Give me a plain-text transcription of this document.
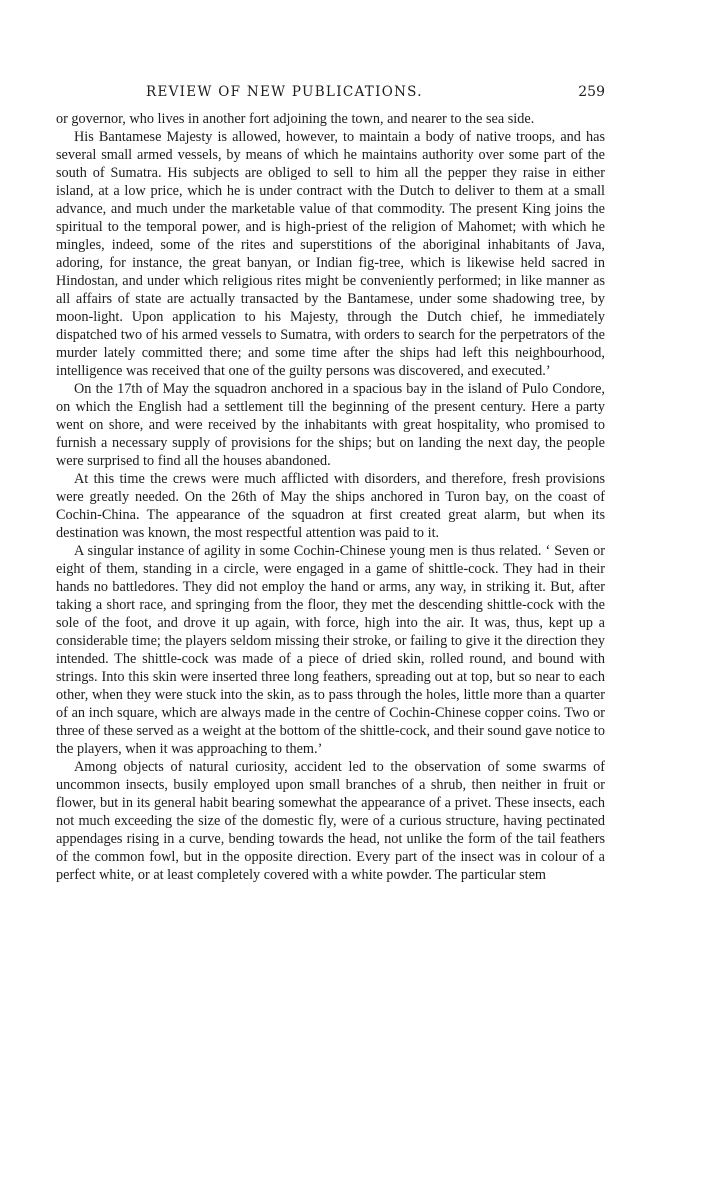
REVIEW OF NEW PUBLICATIONS.	259

or governor, who lives in another fort adjoining the town, and nearer to the sea side.

His Bantamese Majesty is allowed, however, to maintain a body of native troops, and has several small armed vessels, by means of which he maintains authority over some part of the south of Sumatra. His subjects are obliged to sell to him all the pepper they raise in either island, at a low price, which he is under contract with the Dutch to deliver to them at a small advance, and much under the marketable value of that commodity. The present King joins the spiritual to the temporal power, and is high-priest of the religion of Mahomet; with which he mingles, indeed, some of the rites and superstitions of the aboriginal inhabitants of Java, adoring, for instance, the great banyan, or Indian fig-tree, which is likewise held sacred in Hindostan, and under which religious rites might be conveniently performed; in like manner as all affairs of state are actually transacted by the Bantamese, under some shadowing tree, by moon-light. Upon application to his Majesty, through the Dutch chief, he immediately dispatched two of his armed vessels to Sumatra, with orders to search for the perpetrators of the murder lately committed there; and some time after the ships had left this neighbourhood, intelligence was received that one of the guilty persons was discovered, and executed.’

On the 17th of May the squadron anchored in a spacious bay in the island of Pulo Condore, on which the English had a settlement till the beginning of the present century. Here a party went on shore, and were received by the inhabitants with great hospitality, who promised to furnish a necessary supply of provisions for the ships; but on landing the next day, the people were surprised to find all the houses abandoned.

At this time the crews were much afflicted with disorders, and therefore, fresh provisions were greatly needed. On the 26th of May the ships anchored in Turon bay, on the coast of Cochin-China. The appearance of the squadron at first created great alarm, but when its destination was known, the most respectful attention was paid to it.

A singular instance of agility in some Cochin-Chinese young men is thus related. ‘ Seven or eight of them, standing in a circle, were engaged in a game of shittle-cock. They had in their hands no battledores. They did not employ the hand or arms, any way, in striking it. But, after taking a short race, and springing from the floor, they met the descending shittle-cock with the sole of the foot, and drove it up again, with force, high into the air. It was, thus, kept up a considerable time; the players seldom missing their stroke, or failing to give it the direction they intended. The shittle-cock was made of a piece of dried skin, rolled round, and bound with strings. Into this skin were inserted three long feathers, spreading out at top, but so near to each other, when they were stuck into the skin, as to pass through the holes, little more than a quarter of an inch square, which are always made in the centre of Cochin-Chinese copper coins. Two or three of these served as a weight at the bottom of the shittle-cock, and their sound gave notice to the players, when it was approaching to them.’

Among objects of natural curiosity, accident led to the observation of some swarms of uncommon insects, busily employed upon small branches of a shrub, then neither in fruit or flower, but in its general habit bearing somewhat the appearance of a privet. These insects, each not much exceeding the size of the domestic fly, were of a curious structure, having pectinated appendages rising in a curve, bending towards the head, not unlike the form of the tail feathers of the common fowl, but in the opposite direction. Every part of the insect was in colour of a perfect white, or at least completely covered with a white powder. The particular stem
